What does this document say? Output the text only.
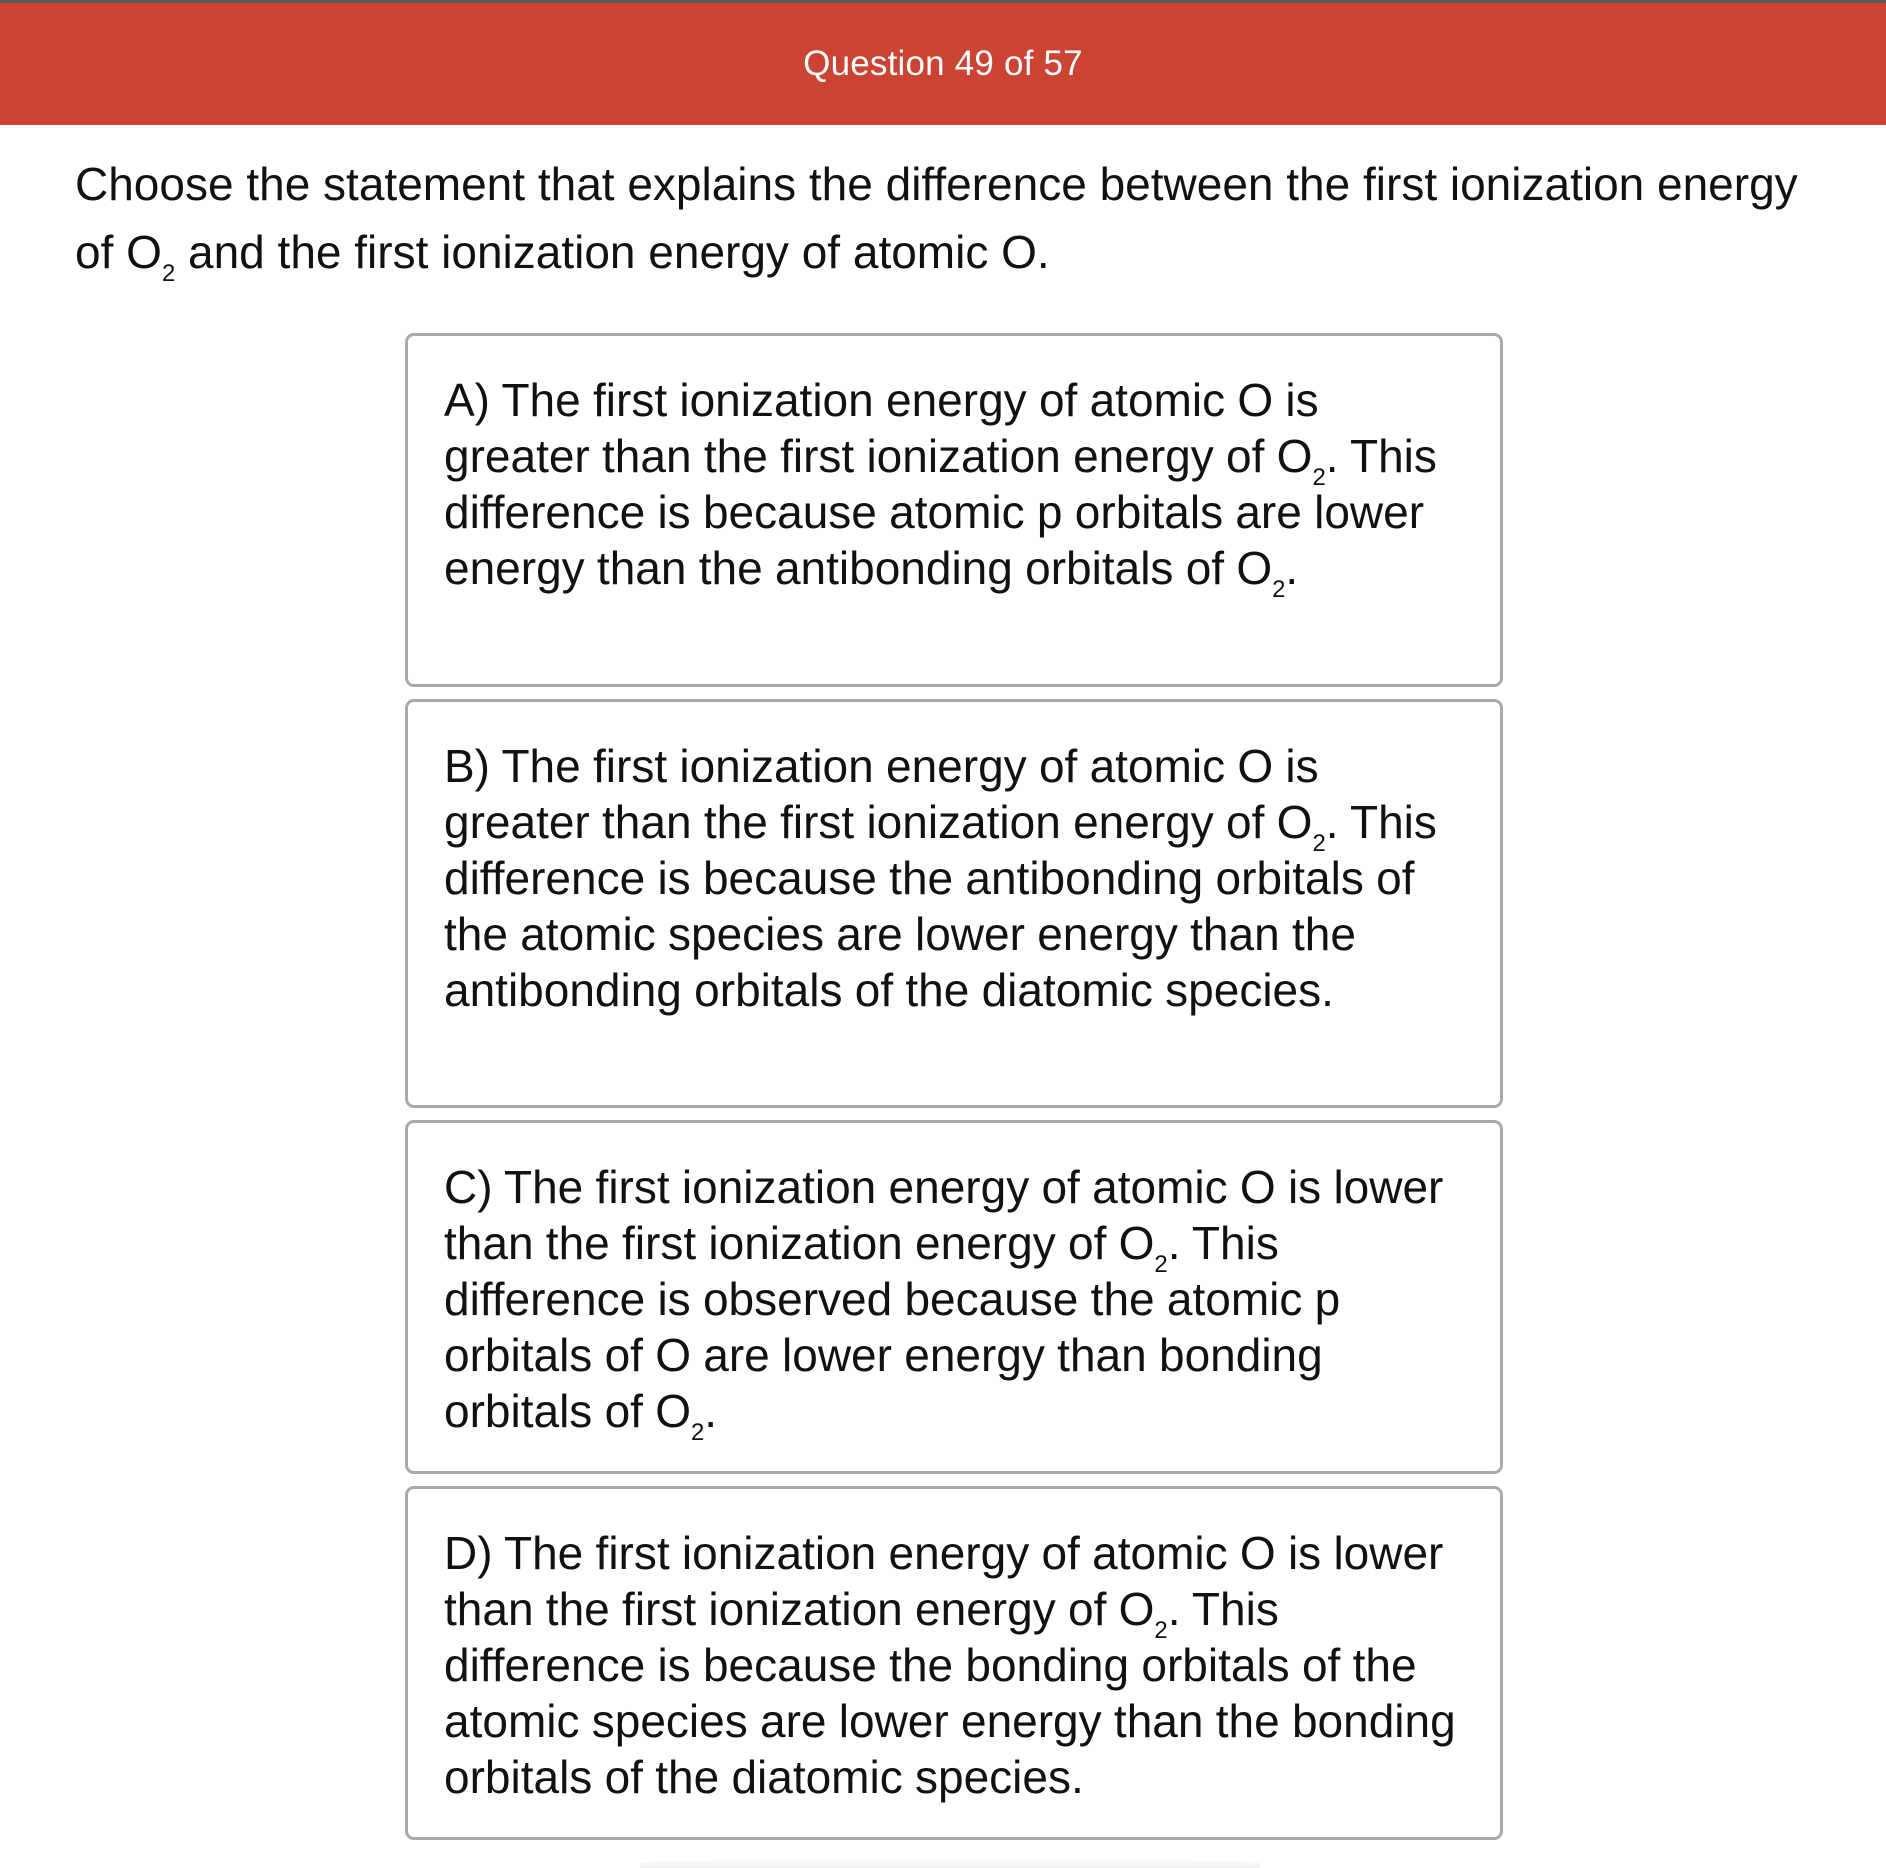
Question 49 of 57
Choose the statement that explains the difference between the first ionization energy of $O_2$ and the first ionization energy of atomic O.
A) The first ionization energy of atomic O is greater than the first ionization energy of $O_2$. This difference is because atomic p orbitals are lower energy than the antibonding orbitals of $O_2$.
B) The first ionization energy of atomic O is greater than the first ionization energy of $O_2$. This difference is because the antibonding orbitals of the atomic species are lower energy than the antibonding orbitals of the diatomic species.
C) The first ionization energy of atomic O is lower than the first ionization energy of $O_2$. This difference is observed because the atomic p orbitals of O are lower energy than bonding orbitals of $O_2$.
D) The first ionization energy of atomic O is lower than the first ionization energy of $O_2$. This difference is because the bonding orbitals of the atomic species are lower energy than the bonding orbitals of the diatomic species.
